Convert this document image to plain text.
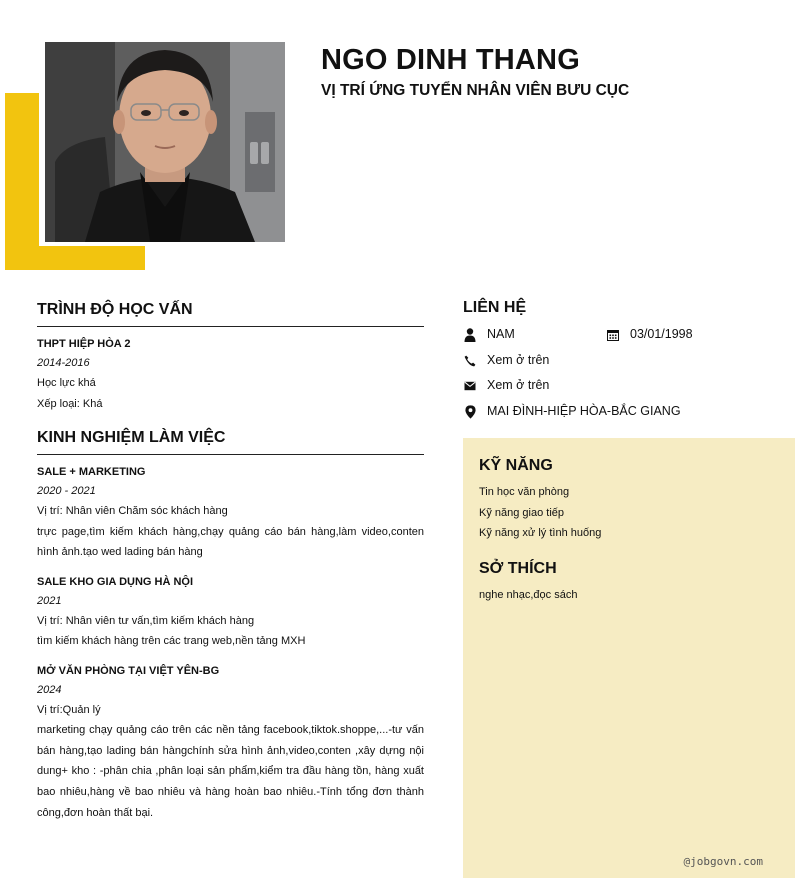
NGO DINH THANG
VỊ TRÍ ỨNG TUYỂN NHÂN VIÊN BƯU CỤC
TRÌNH ĐỘ HỌC VẤN
THPT HIỆP HÒA 2
2014-2016
Học lực khá
Xếp loại: Khá
KINH NGHIỆM LÀM VIỆC
SALE + MARKETING
2020 - 2021
Vị trí: Nhân viên Chăm sóc khách hàng
trực page,tìm kiếm khách hàng,chạy quảng cáo bán hàng,làm video,conten hình ảnh.tạo wed lading bán hàng
SALE KHO GIA DỤNG HÀ NỘI
2021
Vị trí: Nhân viên tư vấn,tìm kiếm khách hàng
tìm kiếm khách hàng trên các trang web,nền tảng MXH
MỞ VĂN PHÒNG TẠI VIỆT YÊN-BG
2024
Vị trí:Quản lý
marketing chạy quảng cáo trên các nền tảng facebook,tiktok.shoppe,...-tư vấn bán hàng,tạo lading bán hàngchính sửa hình ảnh,video,conten ,xây dựng nội dung+ kho : -phân chia ,phân loại sản phẩm,kiểm tra đầu hàng tồn, hàng xuất bao nhiêu,hàng về bao nhiêu và hàng hoàn bao nhiêu.-Tính tổng đơn thành công,đơn hoàn thất bại.
LIÊN HỆ
NAM	03/01/1998
Xem ở trên
Xem ở trên
MAI ĐÌNH-HIỆP HÒA-BẮC GIANG
KỸ NĂNG
Tin học văn phòng
Kỹ năng giao tiếp
Kỹ năng xử lý tình huống
SỞ THÍCH
nghe nhạc,đọc sách
@jobgovn.com
